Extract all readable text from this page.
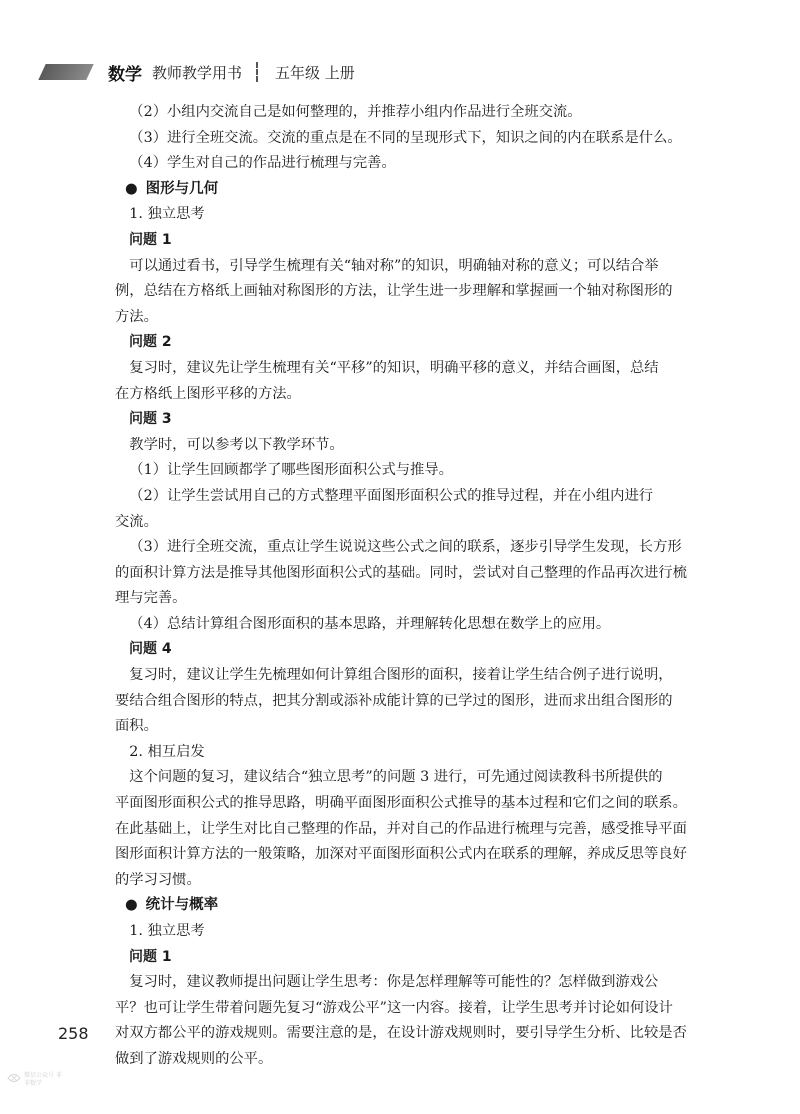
数学 教师教学用书 五年级 上册
（2）小组内交流自己是如何整理的，并推荐小组内作品进行全班交流。
（3）进行全班交流。交流的重点是在不同的呈现形式下，知识之间的内在联系是什么。
（4）学生对自己的作品进行梳理与完善。
● 图形与几何
1. 独立思考
问题 1
可以通过看书，引导学生梳理有关“轴对称”的知识，明确轴对称的意义；可以结合举
例，总结在方格纸上画轴对称图形的方法，让学生进一步理解和掌握画一个轴对称图形的
方法。
问题 2
复习时，建议先让学生梳理有关“平移”的知识，明确平移的意义，并结合画图，总结
在方格纸上图形平移的方法。
问题 3
教学时，可以参考以下教学环节。
（1）让学生回顾都学了哪些图形面积公式与推导。
（2）让学生尝试用自己的方式整理平面图形面积公式的推导过程，并在小组内进行
交流。
（3）进行全班交流，重点让学生说说这些公式之间的联系，逐步引导学生发现，长方形
的面积计算方法是推导其他图形面积公式的基础。同时，尝试对自己整理的作品再次进行梳
理与完善。
（4）总结计算组合图形面积的基本思路，并理解转化思想在数学上的应用。
问题 4
复习时，建议让学生先梳理如何计算组合图形的面积，接着让学生结合例子进行说明，
要结合组合图形的特点，把其分割或添补成能计算的已学过的图形，进而求出组合图形的
面积。
2. 相互启发
这个问题的复习，建议结合“独立思考”的问题 3 进行，可先通过阅读教科书所提供的
平面图形面积公式的推导思路，明确平面图形面积公式推导的基本过程和它们之间的联系。
在此基础上，让学生对比自己整理的作品，并对自己的作品进行梳理与完善，感受推导平面
图形面积计算方法的一般策略，加深对平面图形面积公式内在联系的理解，养成反思等良好
的学习习惯。
● 统计与概率
1. 独立思考
问题 1
复习时，建议教师提出问题让学生思考：你是怎样理解等可能性的？怎样做到游戏公
平？也可让学生带着问题先复习“游戏公平”这一内容。接着，让学生思考并讨论如何设计
对双方都公平的游戏规则。需要注意的是，在设计游戏规则时，要引导学生分析、比较是否
做到了游戏规则的公平。
258
微信公众号 非非数学
